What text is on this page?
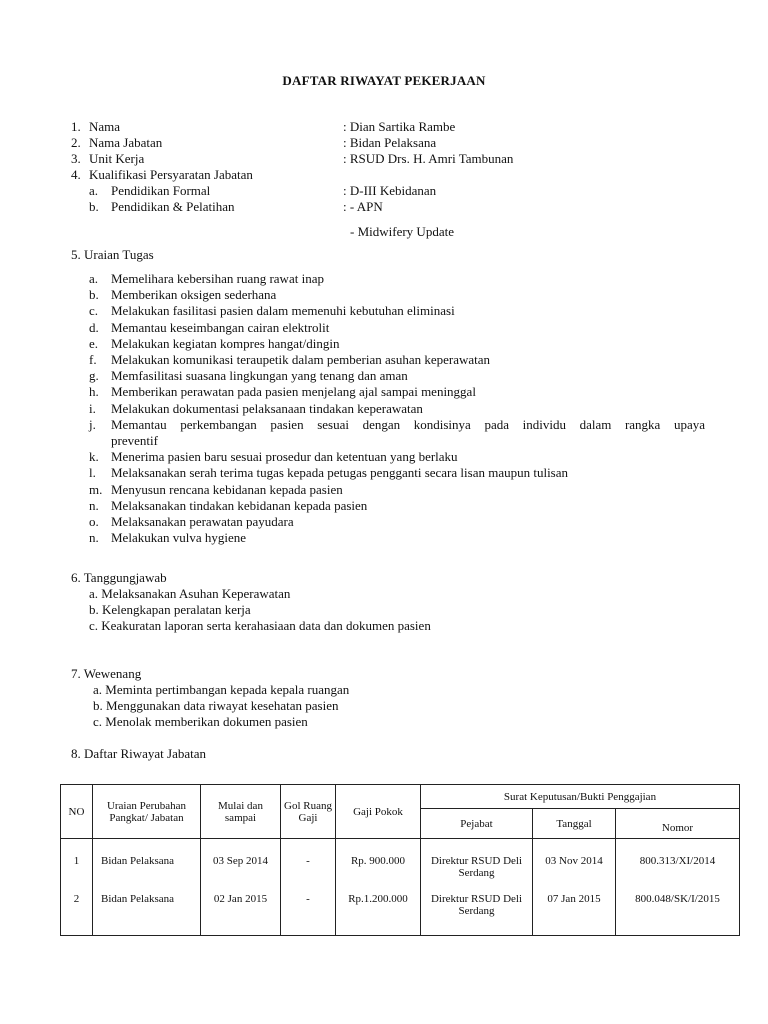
DAFTAR RIWAYAT PEKERJAAN
1. Nama	: Dian Sartika Rambe
2. Nama Jabatan	: Bidan Pelaksana
3. Unit Kerja	: RSUD Drs. H. Amri Tambunan
4. Kualifikasi Persyaratan Jabatan
a. Pendidikan Formal	: D-III Kebidanan
b. Pendidikan & Pelatihan	: - APN
- Midwifery Update
5. Uraian Tugas
a. Memelihara kebersihan ruang rawat inap
b. Memberikan oksigen sederhana
c. Melakukan fasilitasi pasien dalam memenuhi kebutuhan eliminasi
d. Memantau keseimbangan cairan elektrolit
e. Melakukan kegiatan kompres hangat/dingin
f. Melakukan komunikasi teraupetik dalam pemberian asuhan keperawatan
g. Memfasilitasi suasana lingkungan yang tenang dan aman
h. Memberikan perawatan pada pasien menjelang ajal sampai meninggal
i. Melakukan dokumentasi pelaksanaan tindakan keperawatan
j. Memantau perkembangan pasien sesuai dengan kondisinya pada individu dalam rangka upaya
preventif
k. Menerima pasien baru sesuai prosedur dan ketentuan yang berlaku
l. Melaksanakan serah terima tugas kepada petugas pengganti secara lisan maupun tulisan
m. Menyusun rencana kebidanan kepada pasien
n. Melaksanakan tindakan kebidanan kepada pasien
o. Melaksanakan perawatan payudara
n. Melakukan vulva hygiene
6. Tanggungjawab
a. Melaksanakan Asuhan Keperawatan
b. Kelengkapan peralatan kerja
c. Keakuratan laporan serta kerahasiaan data dan dokumen pasien
7. Wewenang
a. Meminta pertimbangan kepada kepala ruangan
b. Menggunakan data riwayat kesehatan pasien
c. Menolak memberikan dokumen pasien
8. Daftar Riwayat Jabatan
NO	Uraian Perubahan Pangkat/ Jabatan	Mulai dan sampai	Gol Ruang Gaji	Gaji Pokok	Surat Keputusan/Bukti Penggajian		
					Pejabat	Tanggal	Nomor
1	Bidan Pelaksana	03 Sep 2014	-	Rp. 900.000	Direktur RSUD Deli Serdang	03 Nov 2014	800.313/XI/2014
2	Bidan Pelaksana	02 Jan 2015	-	Rp.1.200.000	Direktur RSUD Deli Serdang	07 Jan 2015	800.048/SK/I/2015
